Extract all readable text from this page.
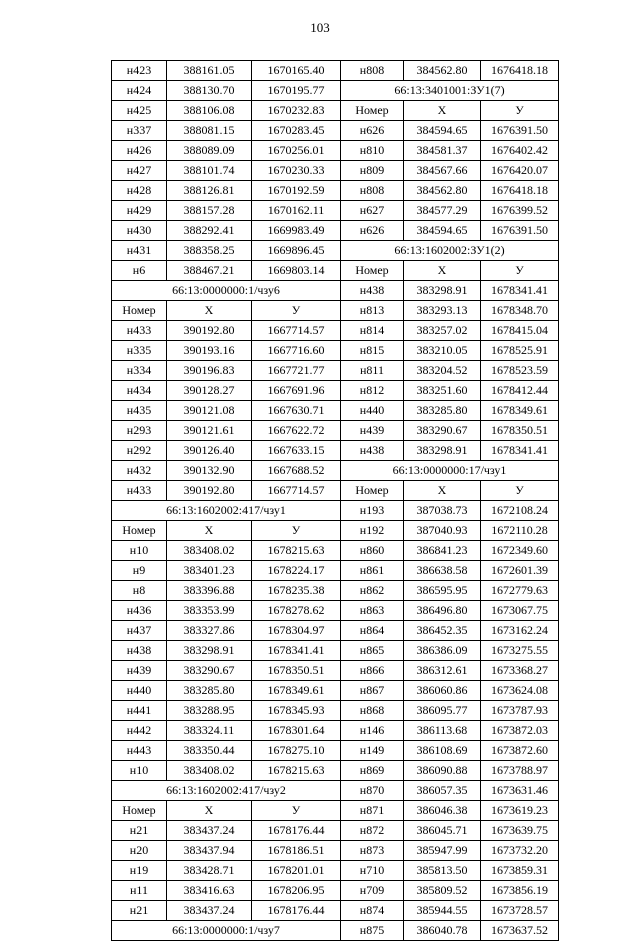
103
н423	388161.05	1670165.40	н808	384562.80	1676418.18
н424	388130.70	1670195.77	66:13:3401001:ЗУ1(7)		
н425	388106.08	1670232.83	Номер	X	У
н337	388081.15	1670283.45	н626	384594.65	1676391.50
н426	388089.09	1670256.01	н810	384581.37	1676402.42
н427	388101.74	1670230.33	н809	384567.66	1676420.07
н428	388126.81	1670192.59	н808	384562.80	1676418.18
н429	388157.28	1670162.11	н627	384577.29	1676399.52
н430	388292.41	1669983.49	н626	384594.65	1676391.50
н431	388358.25	1669896.45	66:13:1602002:ЗУ1(2)		
н6	388467.21	1669803.14	Номер	X	У
66:13:0000000:1/чзу6			н438	383298.91	1678341.41
Номер	X	У	н813	383293.13	1678348.70
н433	390192.80	1667714.57	н814	383257.02	1678415.04
н335	390193.16	1667716.60	н815	383210.05	1678525.91
н334	390196.83	1667721.77	н811	383204.52	1678523.59
н434	390128.27	1667691.96	н812	383251.60	1678412.44
н435	390121.08	1667630.71	н440	383285.80	1678349.61
н293	390121.61	1667622.72	н439	383290.67	1678350.51
н292	390126.40	1667633.15	н438	383298.91	1678341.41
н432	390132.90	1667688.52	66:13:0000000:17/чзу1		
н433	390192.80	1667714.57	Номер	X	У
66:13:1602002:417/чзу1			н193	387038.73	1672108.24
Номер	X	У	н192	387040.93	1672110.28
н10	383408.02	1678215.63	н860	386841.23	1672349.60
н9	383401.23	1678224.17	н861	386638.58	1672601.39
н8	383396.88	1678235.38	н862	386595.95	1672779.63
н436	383353.99	1678278.62	н863	386496.80	1673067.75
н437	383327.86	1678304.97	н864	386452.35	1673162.24
н438	383298.91	1678341.41	н865	386386.09	1673275.55
н439	383290.67	1678350.51	н866	386312.61	1673368.27
н440	383285.80	1678349.61	н867	386060.86	1673624.08
н441	383288.95	1678345.93	н868	386095.77	1673787.93
н442	383324.11	1678301.64	н146	386113.68	1673872.03
н443	383350.44	1678275.10	н149	386108.69	1673872.60
н10	383408.02	1678215.63	н869	386090.88	1673788.97
66:13:1602002:417/чзу2			н870	386057.35	1673631.46
Номер	X	У	н871	386046.38	1673619.23
н21	383437.24	1678176.44	н872	386045.71	1673639.75
н20	383437.94	1678186.51	н873	385947.99	1673732.20
н19	383428.71	1678201.01	н710	385813.50	1673859.31
н11	383416.63	1678206.95	н709	385809.52	1673856.19
н21	383437.24	1678176.44	н874	385944.55	1673728.57
66:13:0000000:1/чзу7			н875	386040.78	1673637.52
